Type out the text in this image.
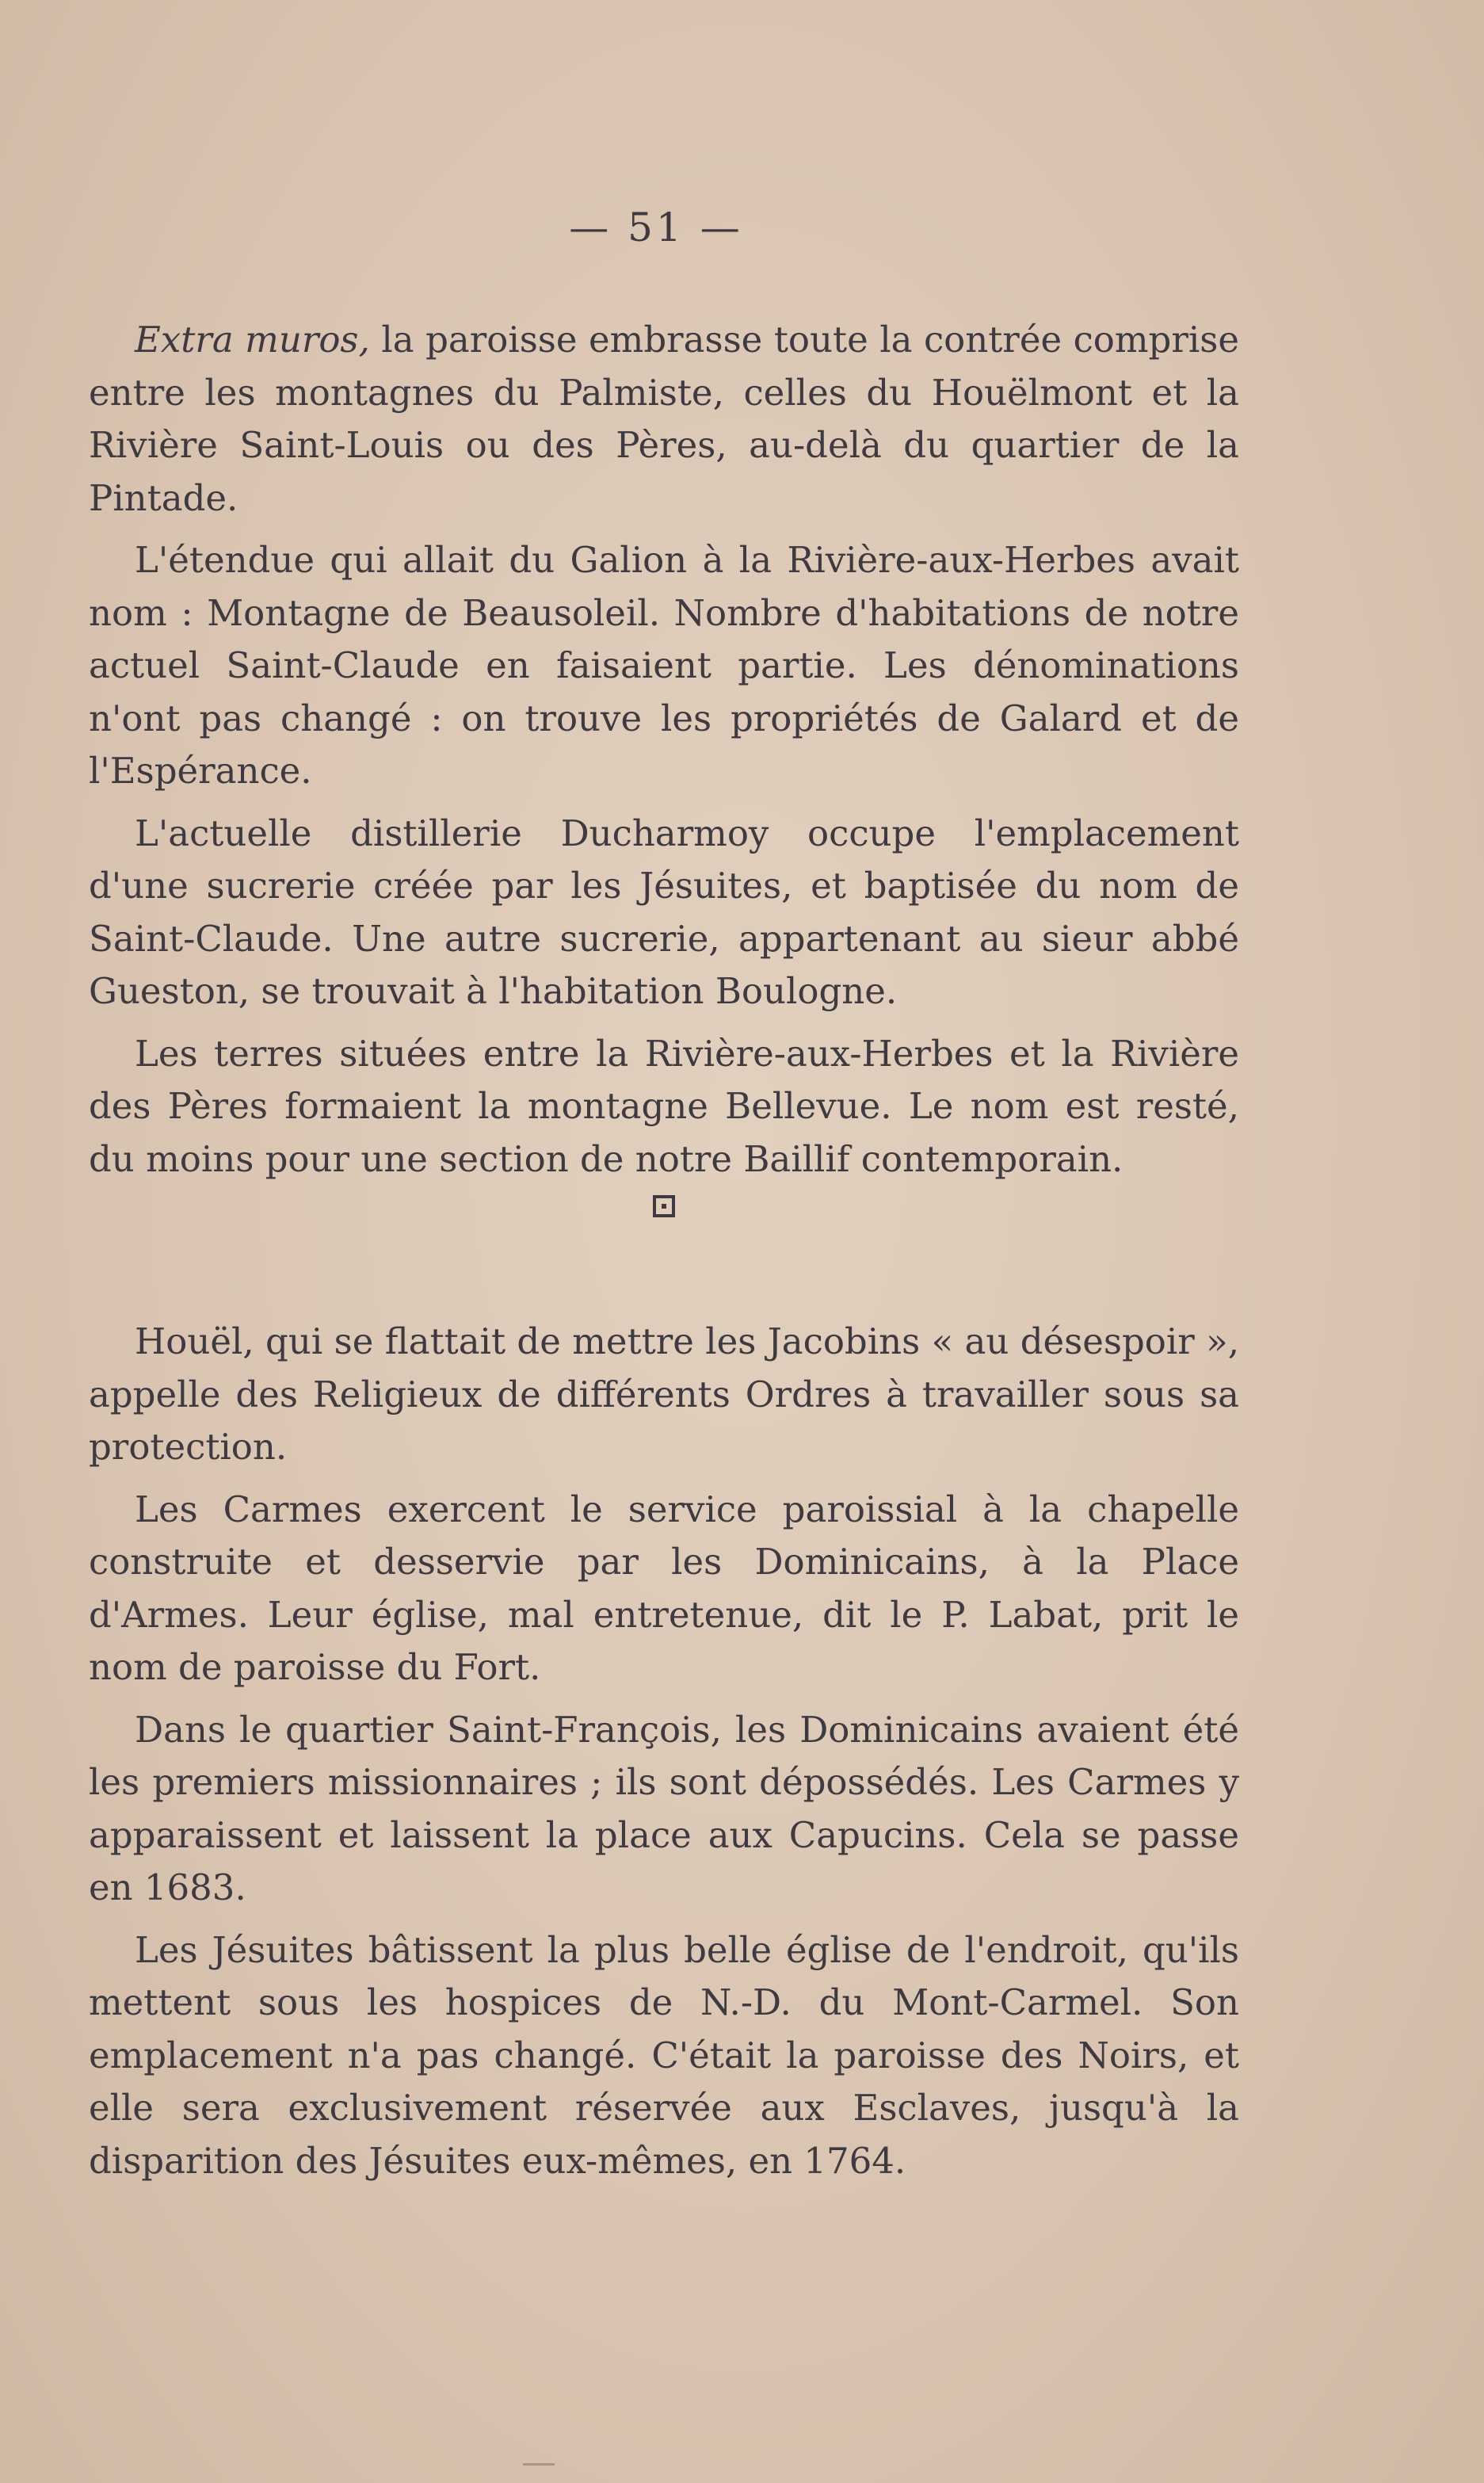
— 51 —

Extra muros, la paroisse embrasse toute la contrée comprise entre les montagnes du Palmiste, celles du Houëlmont et la Rivière Saint-Louis ou des Pères, au-delà du quartier de la Pintade.

L'étendue qui allait du Galion à la Rivière-aux-Herbes avait nom : Montagne de Beausoleil. Nombre d'habitations de notre actuel Saint-Claude en faisaient partie. Les dénominations n'ont pas changé : on trouve les propriétés de Galard et de l'Espérance.

L'actuelle distillerie Ducharmoy occupe l'emplacement d'une sucrerie créée par les Jésuites, et baptisée du nom de Saint-Claude. Une autre sucrerie, appartenant au sieur abbé Gueston, se trouvait à l'habitation Boulogne.

Les terres situées entre la Rivière-aux-Herbes et la Rivière des Pères formaient la montagne Bellevue. Le nom est resté, du moins pour une section de notre Baillif contemporain.

Houël, qui se flattait de mettre les Jacobins « au désespoir », appelle des Religieux de différents Ordres à travailler sous sa protection.

Les Carmes exercent le service paroissial à la chapelle construite et desservie par les Dominicains, à la Place d'Armes. Leur église, mal entretenue, dit le P. Labat, prit le nom de paroisse du Fort.

Dans le quartier Saint-François, les Dominicains avaient été les premiers missionnaires ; ils sont dépossédés. Les Carmes y apparaissent et laissent la place aux Capucins. Cela se passe en 1683.

Les Jésuites bâtissent la plus belle église de l'endroit, qu'ils mettent sous les hospices de N.-D. du Mont-Carmel. Son emplacement n'a pas changé. C'était la paroisse des Noirs, et elle sera exclusivement réservée aux Esclaves, jusqu'à la disparition des Jésuites eux-mêmes, en 1764.
